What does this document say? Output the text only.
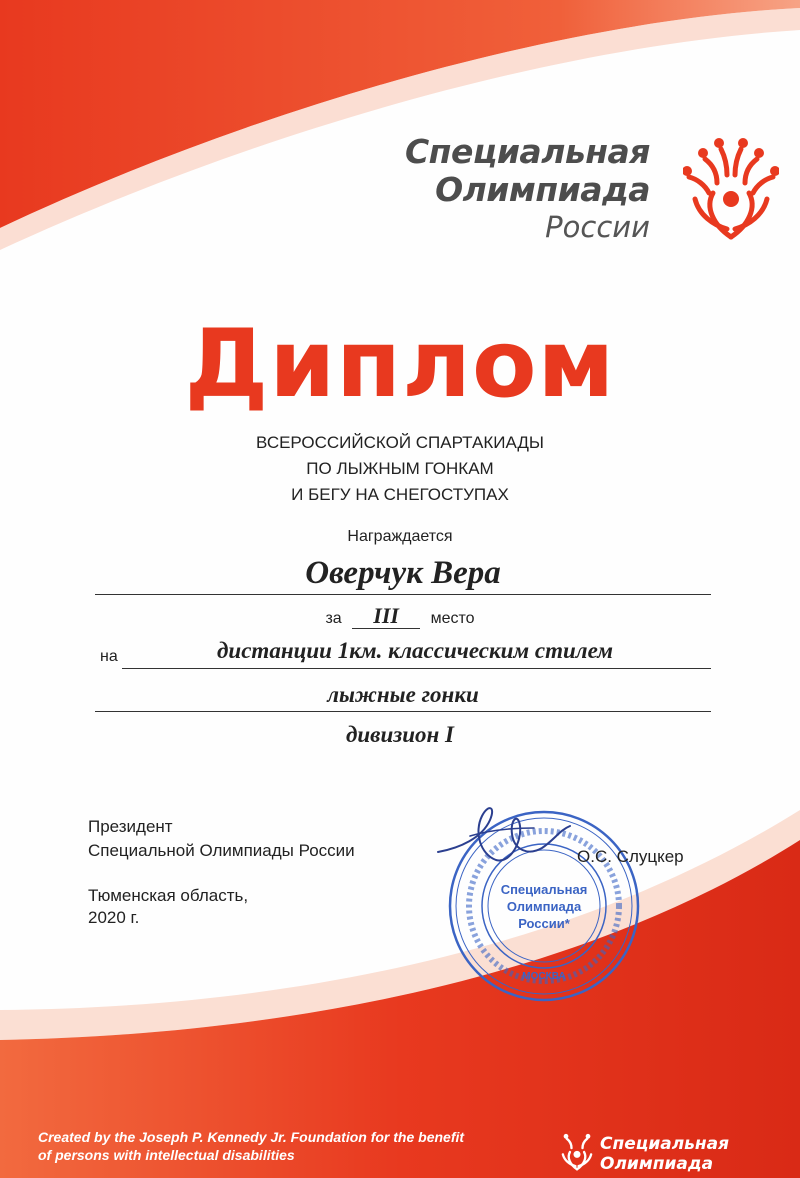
Специальная
Олимпиада
России
Диплом
ВСЕРОССИЙСКОЙ СПАРТАКИАДЫ
ПО ЛЫЖНЫМ ГОНКАМ
И БЕГУ НА СНЕГОСТУПАХ
Награждается
Оверчук Вера
за III место
на	дистанции 1км. классическим стилем
лыжные гонки
дивизион I
Президент
Специальной Олимпиады России
Специальная
Олимпиада
России*
МОСКВА
О.С. Слуцкер
Тюменская область,
2020 г.
Created by the Joseph P. Kennedy Jr. Foundation for the benefit
of persons with intellectual disabilities
Специальная
Олимпиада
